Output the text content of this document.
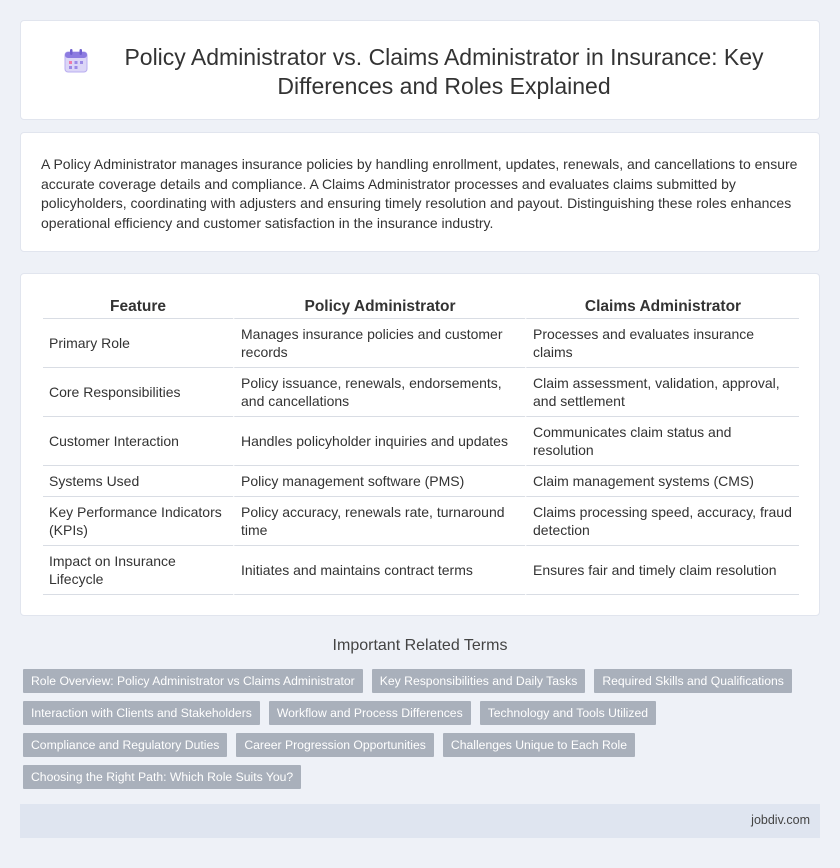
Policy Administrator vs. Claims Administrator in Insurance: Key Differences and Roles Explained

A Policy Administrator manages insurance policies by handling enrollment, updates, renewals, and cancellations to ensure accurate coverage details and compliance. A Claims Administrator processes and evaluates claims submitted by policyholders, coordinating with adjusters and ensuring timely resolution and payout. Distinguishing these roles enhances operational efficiency and customer satisfaction in the insurance industry.

Feature	Policy Administrator	Claims Administrator
Primary Role	Manages insurance policies and customer records	Processes and evaluates insurance claims
Core Responsibilities	Policy issuance, renewals, endorsements, and cancellations	Claim assessment, validation, approval, and settlement
Customer Interaction	Handles policyholder inquiries and updates	Communicates claim status and resolution
Systems Used	Policy management software (PMS)	Claim management systems (CMS)
Key Performance Indicators (KPIs)	Policy accuracy, renewals rate, turnaround time	Claims processing speed, accuracy, fraud detection
Impact on Insurance Lifecycle	Initiates and maintains contract terms	Ensures fair and timely claim resolution
Important Related Terms
Role Overview: Policy Administrator vs Claims Administrator	Key Responsibilities and Daily Tasks	Required Skills and Qualifications
Interaction with Clients and Stakeholders	Workflow and Process Differences	Technology and Tools Utilized
Compliance and Regulatory Duties	Career Progression Opportunities	Challenges Unique to Each Role
Choosing the Right Path: Which Role Suits You?
jobdiv.com
